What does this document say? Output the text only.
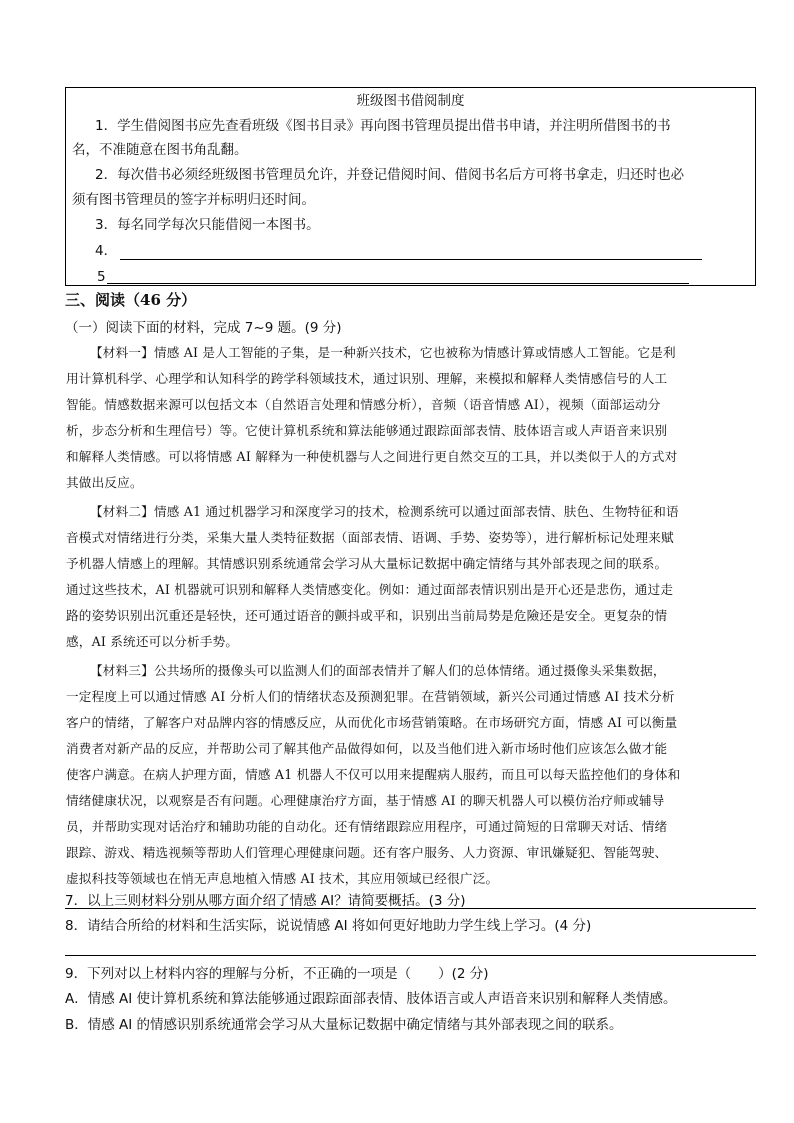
班级图书借阅制度
1．学生借阅图书应先查看班级《图书目录》再向图书管理员提出借书申请，并注明所借图书的书
名，不准随意在图书角乱翻。
2．每次借书必须经班级图书管理员允许，并登记借阅时间、借阅书名后方可将书拿走，归还时也必
须有图书管理员的签字并标明归还时间。
3．每名同学每次只能借阅一本图书。
4．
5
三、阅读（46 分）
（一）阅读下面的材料，完成 7~9 题。(9 分)
【材料一】情感 AI 是人工智能的子集，是一种新兴技术，它也被称为情感计算或情感人工智能。它是利
用计算机科学、心理学和认知科学的跨学科领域技术，通过识别、理解，来模拟和解释人类情感信号的人工
智能。情感数据来源可以包括文本（自然语言处理和情感分析），音频（语音情感 AI），视频（面部运动分
析，步态分析和生理信号）等。它使计算机系统和算法能够通过跟踪面部表情、肢体语言或人声语音来识别
和解释人类情感。可以将情感 AI 解释为一种使机器与人之间进行更自然交互的工具，并以类似于人的方式对
其做出反应。
【材料二】情感 A1 通过机器学习和深度学习的技术，检测系统可以通过面部表情、肤色、生物特征和语
音模式对情绪进行分类，采集大量人类特征数据（面部表情、语调、手势、姿势等），进行解析标记处理来赋
予机器人情感上的理解。其情感识别系统通常会学习从大量标记数据中确定情绪与其外部表现之间的联系。
通过这些技术，AI 机器就可识别和解释人类情感变化。例如：通过面部表情识别出是开心还是悲伤，通过走
路的姿势识别出沉重还是轻快，还可通过语音的颤抖或平和，识别出当前局势是危險还是安全。更复杂的情
感，AI 系统还可以分析手势。
【材料三】公共场所的摄像头可以监测人们的面部表情并了解人们的总体情绪。通过摄像头采集数据，
一定程度上可以通过情感 AI 分析人们的情绪状态及预测犯罪。在营销领域，新兴公司通过情感 AI 技术分析
客户的情绪，了解客户对品牌内容的情感反应，从而优化市场营销策略。在市场研究方面，情感 AI 可以衡量
消费者对新产品的反应，并帮助公司了解其他产品做得如何，以及当他们进入新市场时他们应该怎么做才能
使客户满意。在病人护理方面，情感 A1 机器人不仅可以用来提醒病人服药，而且可以每天监控他们的身体和
情绪健康状况，以观察是否有问题。心理健康治疗方面，基于情感 AI 的聊天机器人可以模仿治疗师或辅导
员，并帮助实现对话治疗和辅助功能的自动化。还有情绪跟踪应用程序，可通过简短的日常聊天对话、情绪
跟踪、游戏、精选视频等帮助人们管理心理健康问题。还有客户服务、人力资源、审讯嫌疑犯、智能驾驶、
虚拟科技等领域也在悄无声息地植入情感 AI 技术，其应用领域已经很广泛。
7．以上三则材料分别从哪方面介绍了情感 AI？请简要概括。(3 分)
8．请结合所给的材料和生活实际，说说情感 AI 将如何更好地助力学生线上学习。(4 分)
9．下列对以上材料内容的理解与分析，不正确的一项是（　　）(2 分)
A．情感 AI 使计算机系统和算法能够通过跟踪面部表情、肢体语言或人声语音来识别和解释人类情感。
B．情感 AI 的情感识别系统通常会学习从大量标记数据中确定情绪与其外部表现之间的联系。
